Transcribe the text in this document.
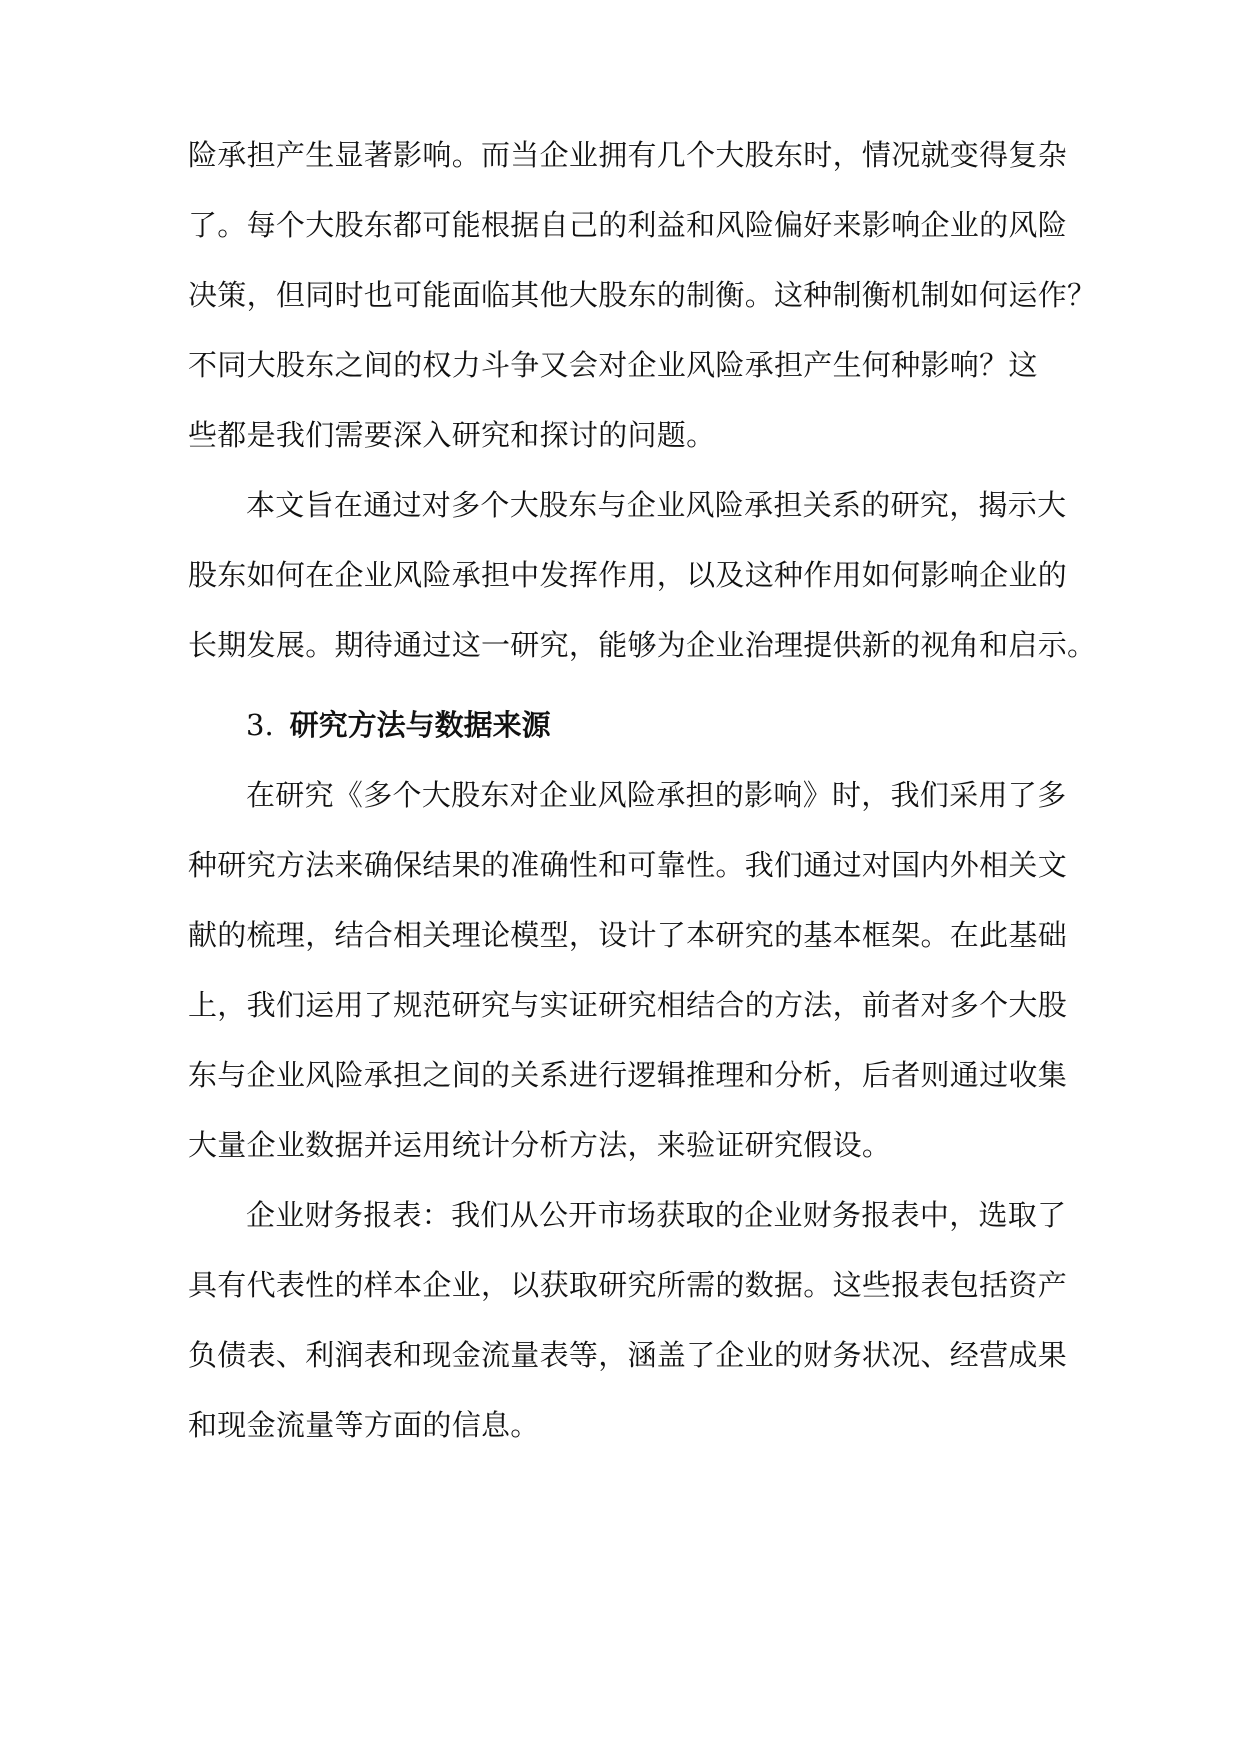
险承担产生显著影响。而当企业拥有几个大股东时，情况就变得复杂
了。每个大股东都可能根据自己的利益和风险偏好来影响企业的风险
决策，但同时也可能面临其他大股东的制衡。这种制衡机制如何运作？
不同大股东之间的权力斗争又会对企业风险承担产生何种影响？这
些都是我们需要深入研究和探讨的问题。
本文旨在通过对多个大股东与企业风险承担关系的研究，揭示大
股东如何在企业风险承担中发挥作用，以及这种作用如何影响企业的
长期发展。期待通过这一研究，能够为企业治理提供新的视角和启示。
3. 研究方法与数据来源
在研究《多个大股东对企业风险承担的影响》时，我们采用了多
种研究方法来确保结果的准确性和可靠性。我们通过对国内外相关文
献的梳理，结合相关理论模型，设计了本研究的基本框架。在此基础
上，我们运用了规范研究与实证研究相结合的方法，前者对多个大股
东与企业风险承担之间的关系进行逻辑推理和分析，后者则通过收集
大量企业数据并运用统计分析方法，来验证研究假设。
企业财务报表：我们从公开市场获取的企业财务报表中，选取了
具有代表性的样本企业，以获取研究所需的数据。这些报表包括资产
负债表、利润表和现金流量表等，涵盖了企业的财务状况、经营成果
和现金流量等方面的信息。
